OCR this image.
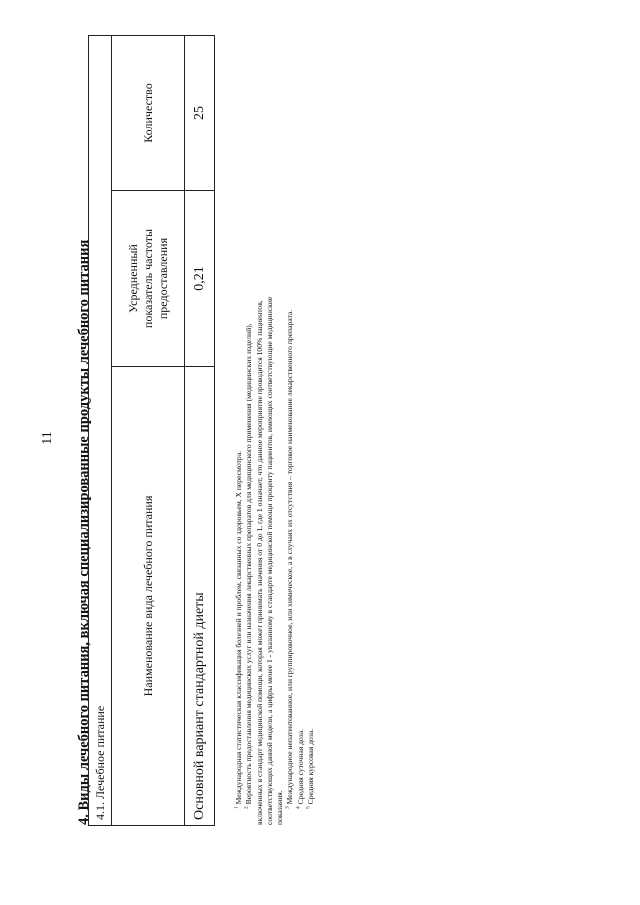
11 4. Виды лечебного питания, включая специализированные продукты лечебного питания 4.1. Лечебное питание		
Наименование вида лечебного питания	Усредненный показатель частоты предоставления	Количество
Основной вариант стандартной диеты	0,21	25

$^1$ Международная статистическая классификация болезней и проблем, связанных со здоровьем, X пересмотра.

$^2$ Вероятность предоставления медицинских услуг или назначения лекарственных препаратов для медицинского применения (медицинских изделий), включенных в стандарт медицинской помощи, которая может принимать значения от 0 до 1, где 1 означает, что данное мероприятие проводится 100% пациентов, соответствующих данной модели, а цифры менее 1 - указанному в стандарте медицинской помощи проценту пациентов, имеющих соответствующие медицинские показания. $^3$ Международное непатентованное, или группировочное, или химическое, а в случаях их отсутствия – торговое наименование лекарственного препарата.

$^4$ Средняя суточная доза.

$^5$ Средняя курсовая доза.
